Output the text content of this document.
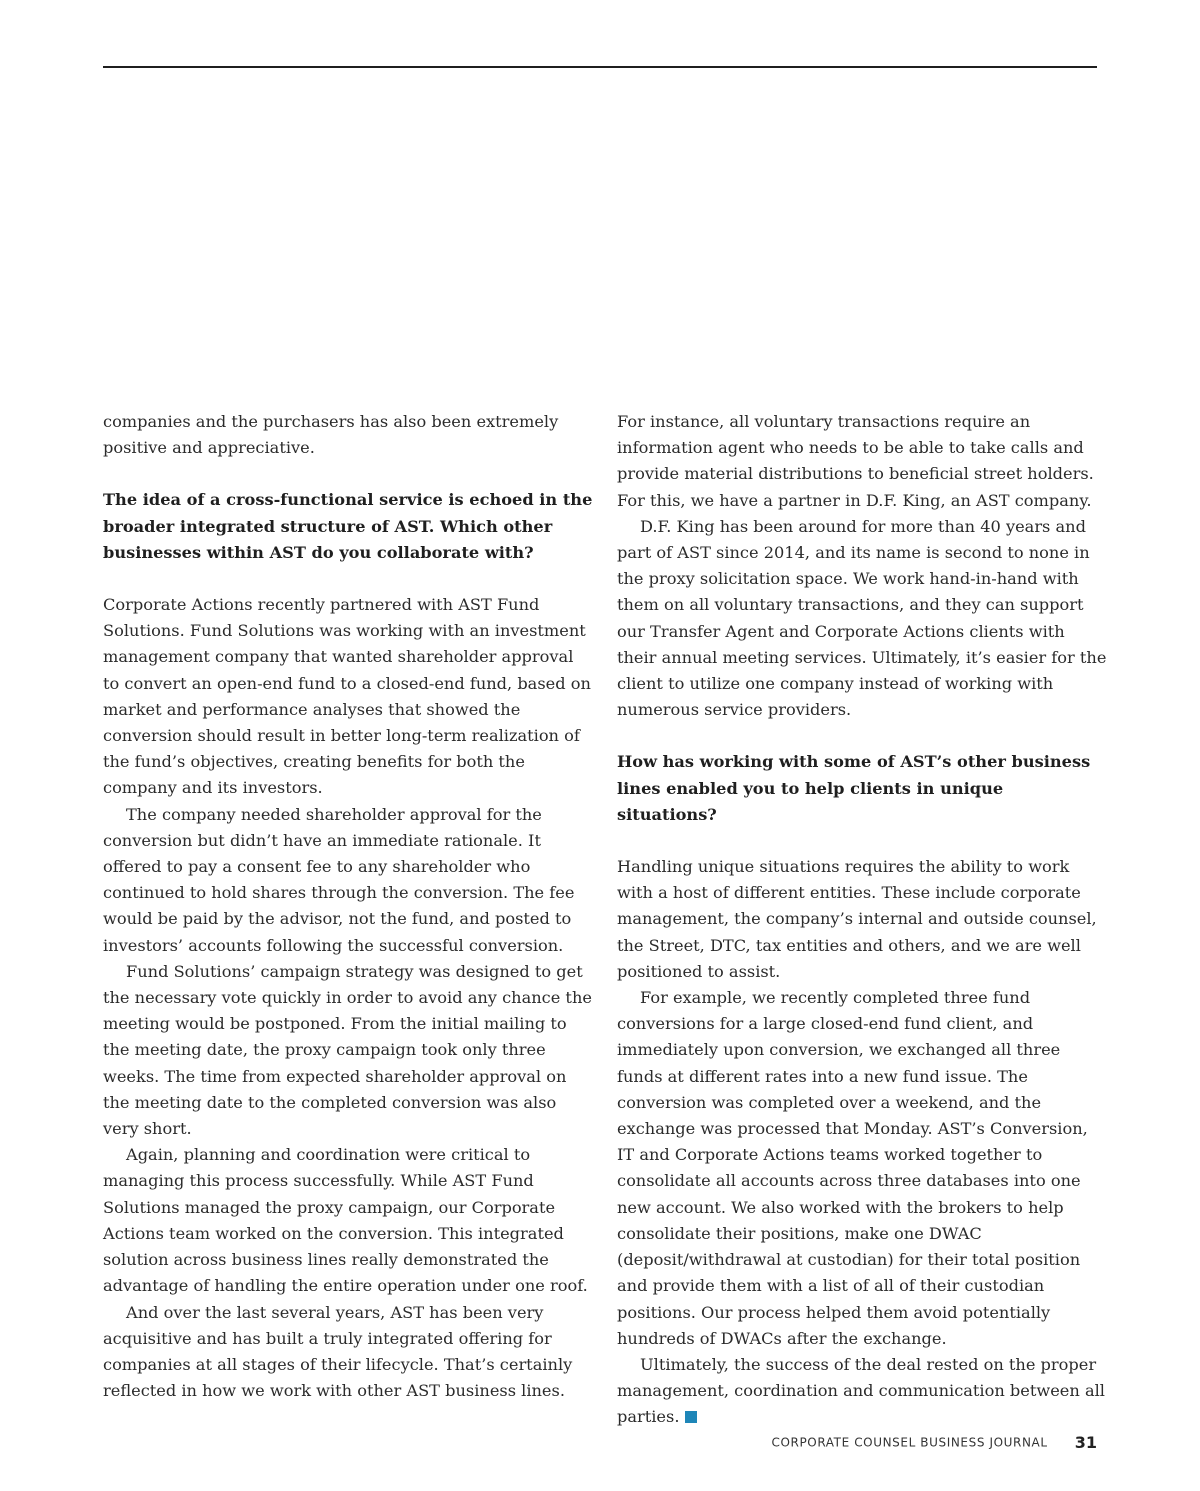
companies and the purchasers has also been extremely positive and appreciative.

The idea of a cross-functional service is echoed in the broader integrated structure of AST. Which other businesses within AST do you collaborate with?

Corporate Actions recently partnered with AST Fund Solutions. Fund Solutions was working with an investment management company that wanted shareholder approval to convert an open-end fund to a closed-end fund, based on market and performance analyses that showed the conversion should result in better long-term realization of the fund’s objectives, creating benefits for both the company and its investors.

The company needed shareholder approval for the conversion but didn’t have an immediate rationale. It offered to pay a consent fee to any shareholder who continued to hold shares through the conversion. The fee would be paid by the advisor, not the fund, and posted to investors’ accounts following the successful conversion.

Fund Solutions’ campaign strategy was designed to get the necessary vote quickly in order to avoid any chance the meeting would be postponed. From the initial mailing to the meeting date, the proxy campaign took only three weeks. The time from expected shareholder approval on the meeting date to the completed conversion was also very short.

Again, planning and coordination were critical to managing this process successfully. While AST Fund Solutions managed the proxy campaign, our Corporate Actions team worked on the conversion. This integrated solution across business lines really demonstrated the advantage of handling the entire operation under one roof.

And over the last several years, AST has been very acquisitive and has built a truly integrated offering for companies at all stages of their lifecycle. That’s certainly reflected in how we work with other AST business lines.

For instance, all voluntary transactions require an information agent who needs to be able to take calls and provide material distributions to beneficial street holders. For this, we have a partner in D.F. King, an AST company.

D.F. King has been around for more than 40 years and part of AST since 2014, and its name is second to none in the proxy solicitation space. We work hand-in-hand with them on all voluntary transactions, and they can support our Transfer Agent and Corporate Actions clients with their annual meeting services. Ultimately, it’s easier for the client to utilize one company instead of working with numerous service providers.

How has working with some of AST’s other business lines enabled you to help clients in unique situations?

Handling unique situations requires the ability to work with a host of different entities. These include corporate management, the company’s internal and outside counsel, the Street, DTC, tax entities and others, and we are well positioned to assist.

For example, we recently completed three fund conversions for a large closed-end fund client, and immediately upon conversion, we exchanged all three funds at different rates into a new fund issue. The conversion was completed over a weekend, and the exchange was processed that Monday. AST’s Conversion, IT and Corporate Actions teams worked together to consolidate all accounts across three databases into one new account. We also worked with the brokers to help consolidate their positions, make one DWAC (deposit/withdrawal at custodian) for their total position and provide them with a list of all of their custodian positions. Our process helped them avoid potentially hundreds of DWACs after the exchange.

Ultimately, the success of the deal rested on the proper management, coordination and communication between all parties.

CORPORATE COUNSEL BUSINESS JOURNAL 31
